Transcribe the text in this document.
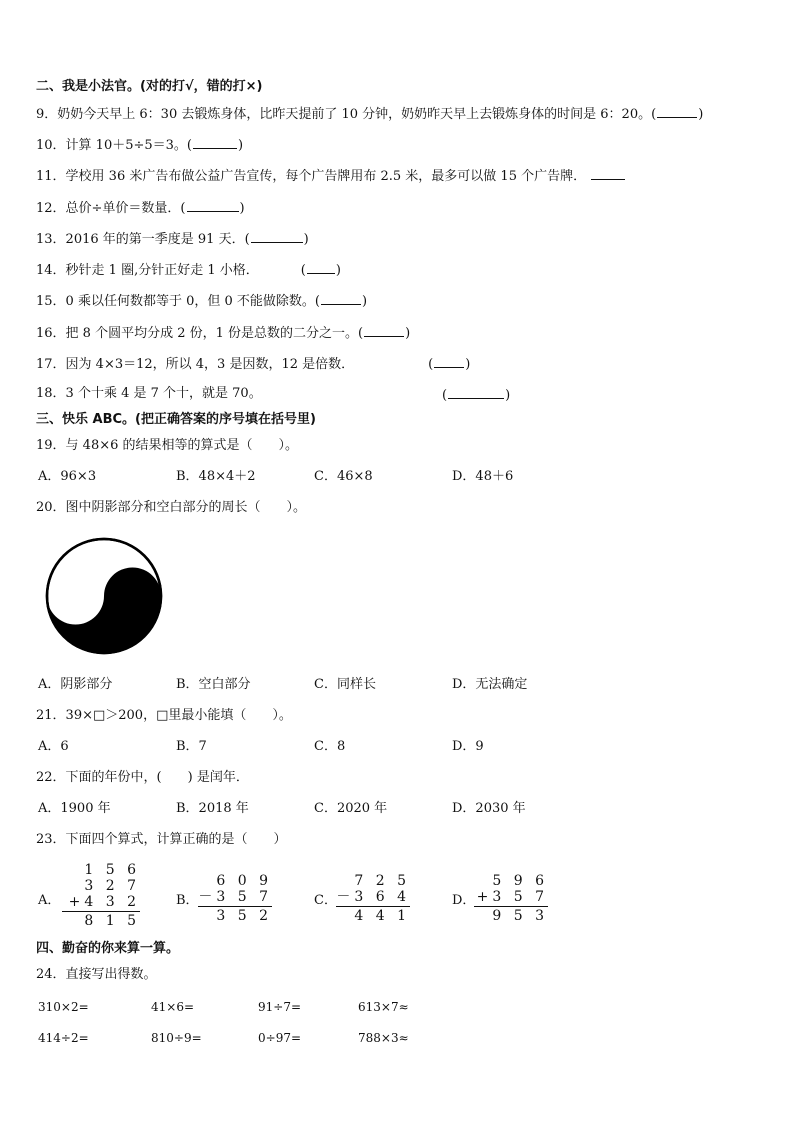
二、我是小法官。(对的打√，错的打×)
9．奶奶今天早上 6：30 去锻炼身体，比昨天提前了 10 分钟，奶奶昨天早上去锻炼身体的时间是 6：20。(	)
10．计算 10＋5÷5＝3。(	)
11．学校用 36 米广告布做公益广告宣传，每个广告牌用布 2.5 米，最多可以做 15 个广告牌．
12．总价÷单价＝数量．(	)
13．2016 年的第一季度是 91 天．(	)
14．秒针走 1 圈,分针正好走 1 小格．	( )
15．0 乘以任何数都等于 0，但 0 不能做除数。(	)
16．把 8 个圆平均分成 2 份，1 份是总数的二分之一。(	)
17．因为 4×3＝12，所以 4，3 是因数，12 是倍数．	( )
18．3 个十乘 4 是 7 个十，就是 70。	(	)
三、快乐 ABC。(把正确答案的序号填在括号里)
19．与 48×6 的结果相等的算式是（　　）。
A．96×3	B．48×4＋2	C．46×8	D．48＋6
20．图中阴影部分和空白部分的周长（　　）。
A．阴影部分	B．空白部分	C．同样长	D．无法确定
21．39×□＞200，□里最小能填（　　）。
A．6	B．7	C．8	D．9
22．下面的年份中，(　　) 是闰年．
A．1900 年	B．2018 年	C．2020 年	D．2030 年
23．下面四个算式，计算正确的是（　　）
A．
1 5 6
3 2 7
+ 4 3 2
8 1 5
B．
6 0 9
－ 3 5 7
3 5 2
C．
7 2 5
－ 3 6 4
4 4 1
D．
5 9 6
+ 3 5 7
9 5 3
四、勤奋的你来算一算。
24．直接写出得数。
310×2=	41×6=	91÷7=	613×7≈
414÷2=	810÷9=	0÷97=	788×3≈
